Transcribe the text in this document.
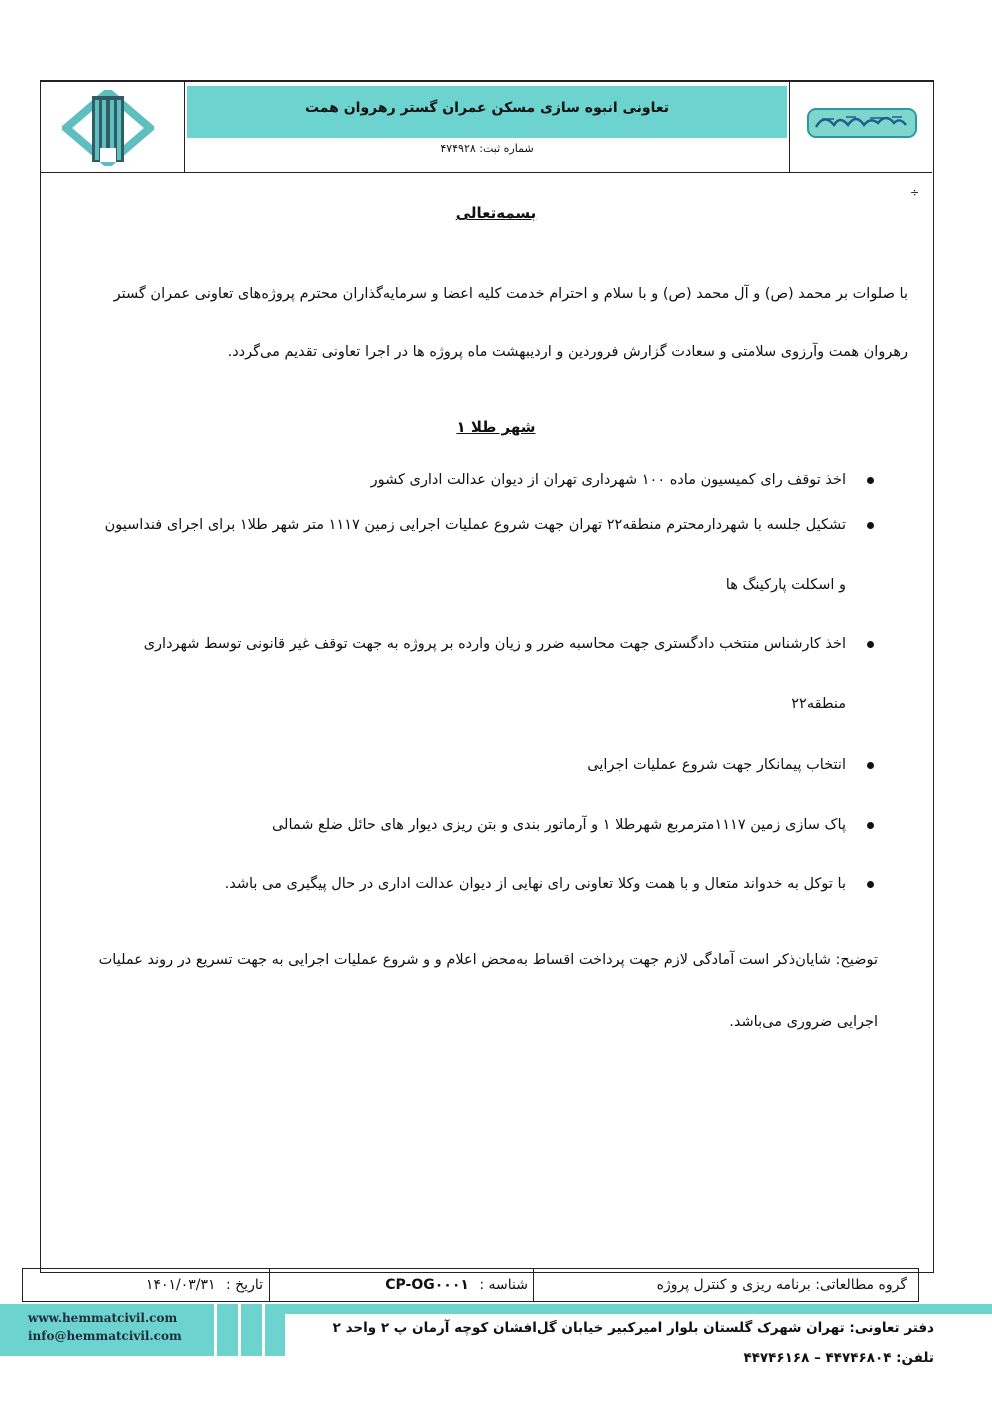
تعاونی انبوه سازی مسکن عمران گستر رهروان همت
شماره ثبت: ۴۷۴۹۲۸
÷
بسمه‌تعالی
با صلوات بر محمد (ص) و آل محمد (ص) و با سلام و احترام خدمت کلیه اعضا و سرمایه‌گذاران محترم پروژه‌های تعاونی عمران گستر
رهروان همت وآرزوی سلامتی و سعادت گزارش فروردین و اردیبهشت ماه پروژه ها در اجرا تعاونی تقدیم می‌گردد.
شهر طلا ۱
اخذ توقف رای کمیسیون ماده ۱۰۰ شهرداری تهران از دیوان عدالت اداری کشور
تشکیل جلسه با شهردارمحترم منطقه۲۲ تهران جهت شروع عملیات اجرایی زمین ۱۱۱۷ متر شهر طلا۱ برای اجرای فنداسیون
و اسکلت پارکینگ ها
اخذ کارشناس منتخب دادگستری جهت محاسبه ضرر و زیان وارده بر پروژه به جهت توقف غیر قانونی توسط شهرداری
منطقه۲۲
انتخاب پیمانکار جهت شروع عملیات اجرایی
پاک سازی زمین ۱۱۱۷مترمربع شهرطلا ۱ و آرماتور بندی و بتن ریزی دیوار های حائل ضلع شمالی
با توکل به خدواند متعال و با همت وکلا تعاونی رای نهایی از دیوان عدالت اداری در حال پیگیری می باشد.
توضیح: شایان‌ذکر است آمادگی لازم جهت پرداخت اقساط به‌محض اعلام و و شروع عملیات اجرایی به جهت تسریع در روند عملیات
اجرایی ضروری می‌باشد.
گروه مطالعاتی: برنامه ریزی و کنترل پروژه
شناسه : CP-OG۰۰۰۱
تاریخ : ۱۴۰۱/۰۳/۳۱
www.hemmatcivil.com
info@hemmatcivil.com	دفتر تعاونی: تهران شهرک گلستان بلوار امیرکبیر خیابان گل‌افشان کوچه آرمان پ ۲ واحد ۲
تلفن: ۴۴۷۴۶۸۰۴ – ۴۴۷۴۶۱۶۸
